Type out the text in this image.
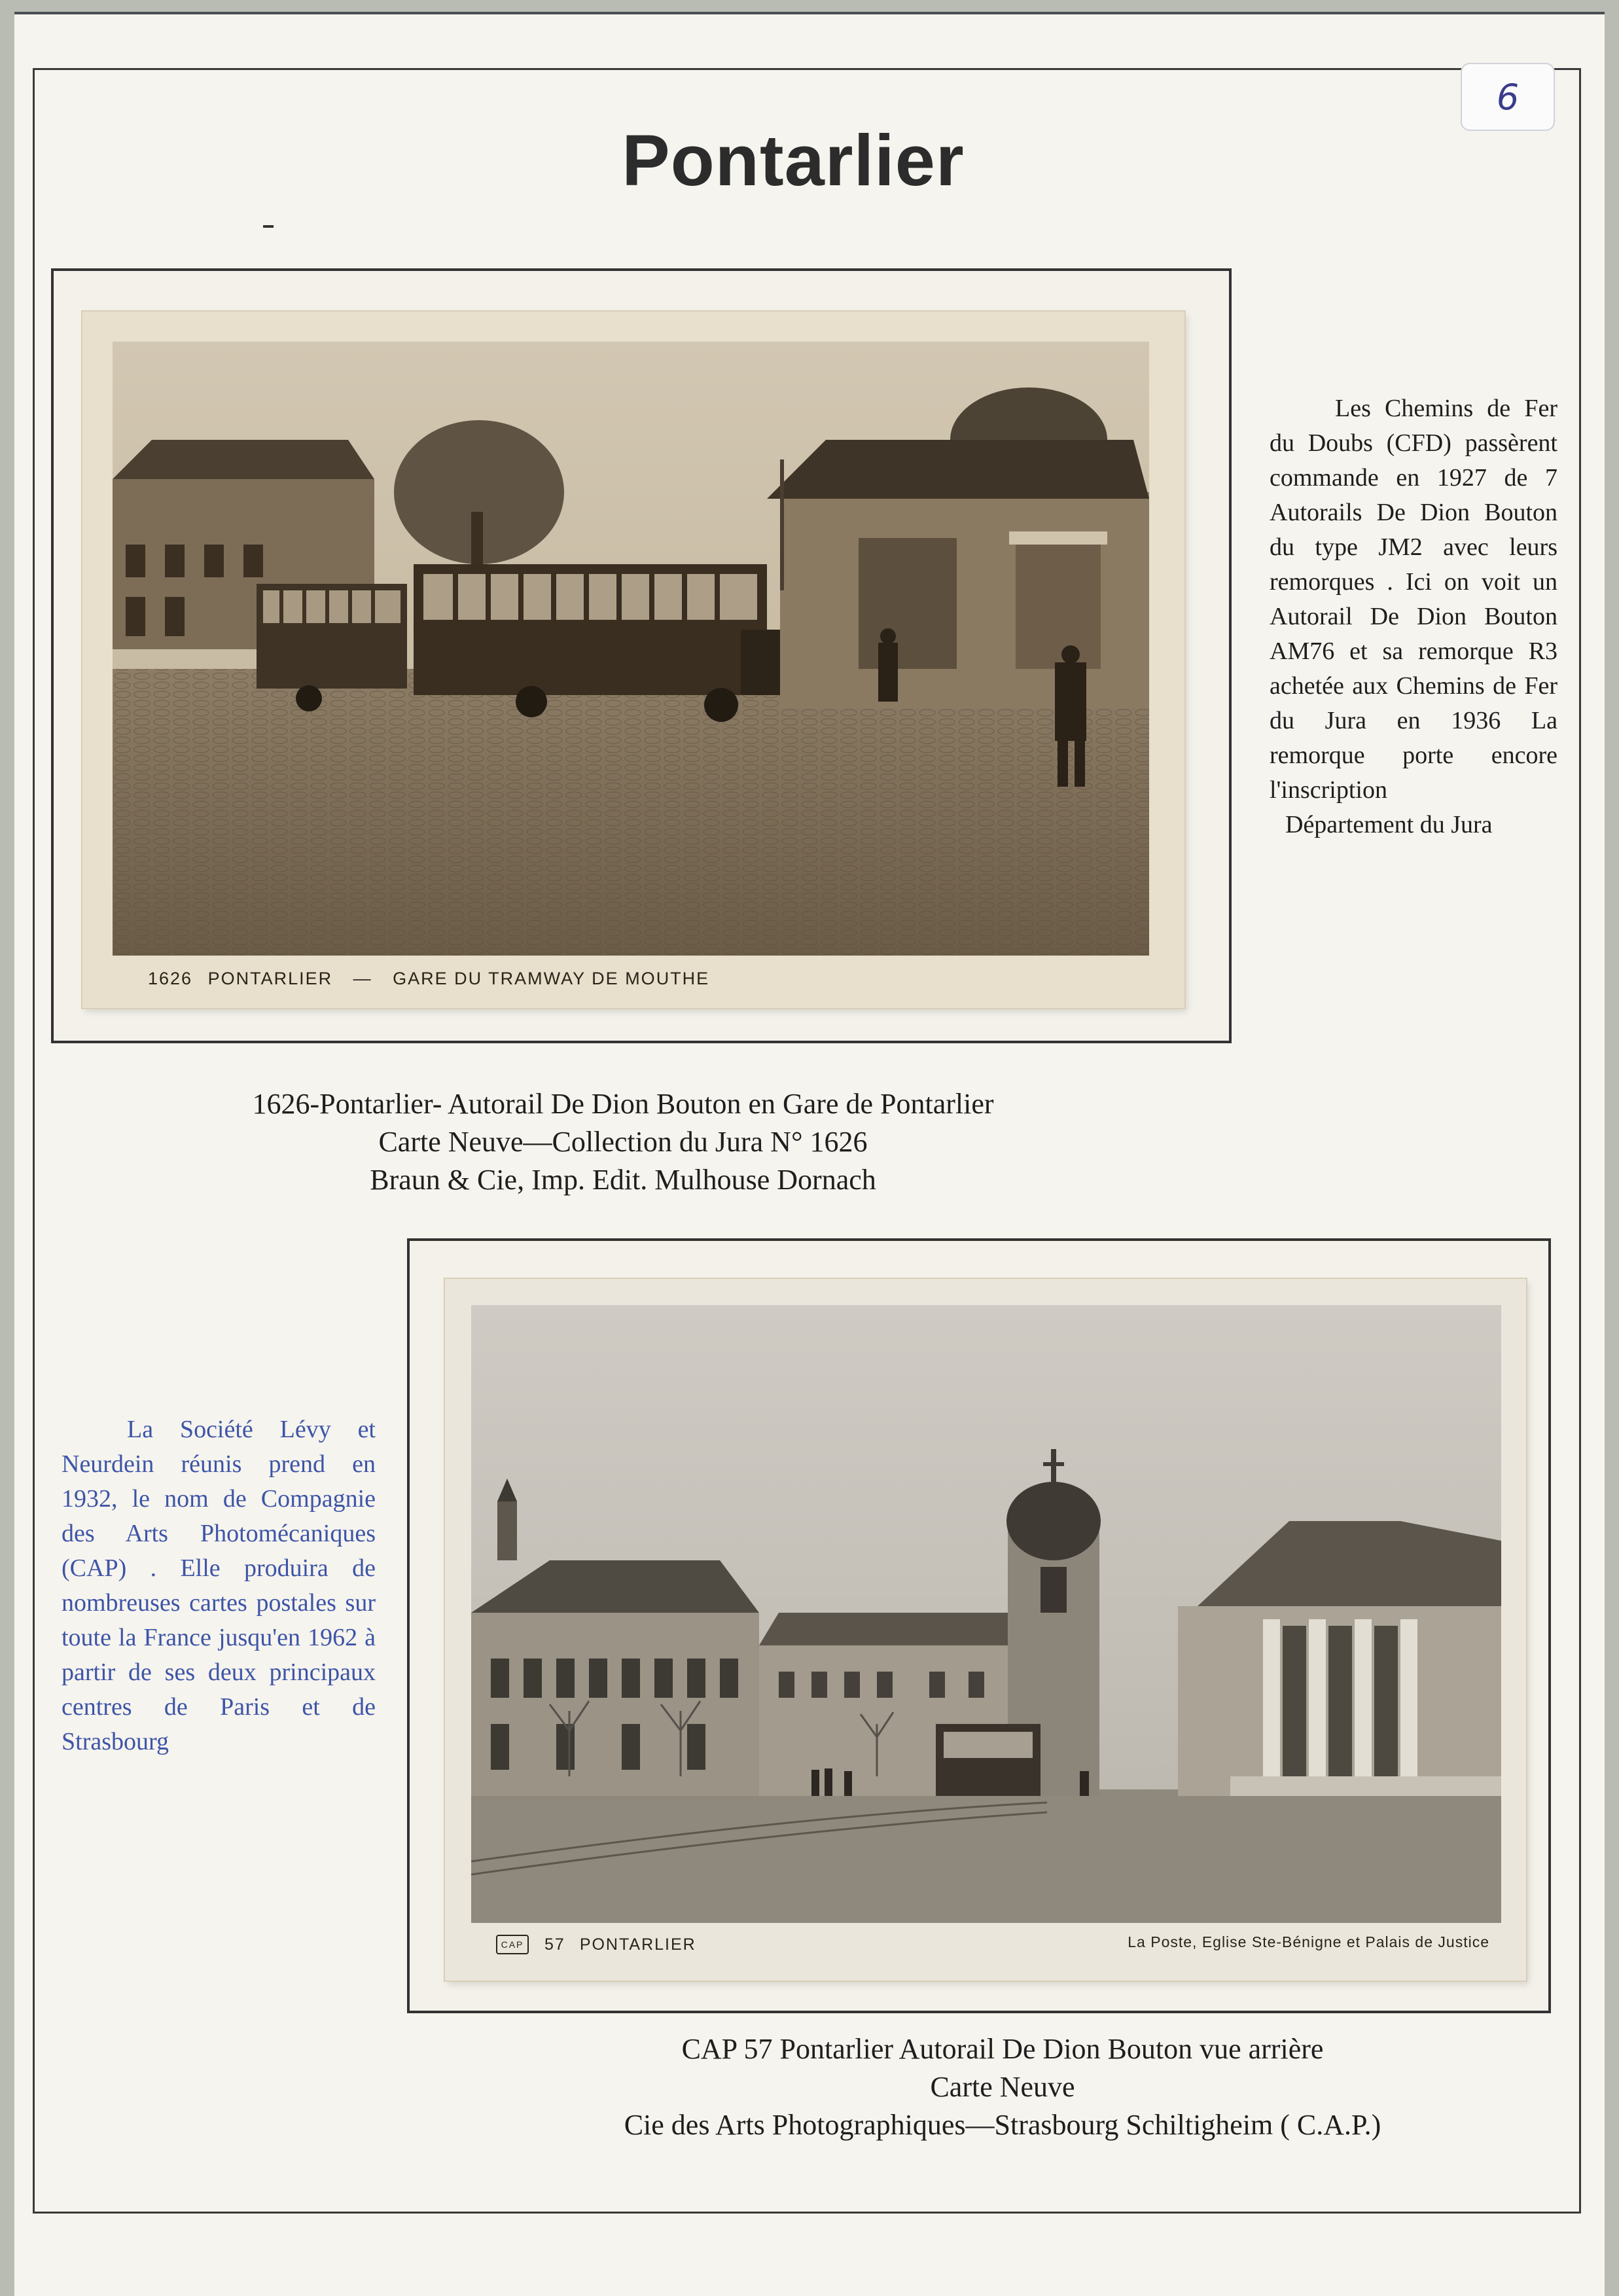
6
Pontarlier
1626 PONTARLIER — GARE DU TRAMWAY DE MOUTHE

Les Chemins de Fer du Doubs (CFD) passèrent commande en 1927 de 7 Autorails De Dion Bouton du type JM2 avec leurs remorques . Ici on voit un Autorail De Dion Bouton AM76 et sa remorque R3 achetée aux Chemins de Fer du Jura en 1936 La remorque porte encore l'inscription
Département du Jura

1626-Pontarlier- Autorail De Dion Bouton en Gare de Pontarlier
Carte Neuve—Collection du Jura N° 1626
Braun & Cie, Imp. Edit. Mulhouse Dornach

La Société Lévy et Neurdein réunis prend en 1932, le nom de Compagnie des Arts Photomécaniques (CAP) . Elle produira de nombreuses cartes postales sur toute la France jusqu'en 1962 à partir de ses deux principaux centres de Paris et de Strasbourg

CAP	57 PONTARLIER	La Poste, Eglise Ste-Bénigne et Palais de Justice
CAP 57 Pontarlier Autorail De Dion Bouton vue arrière
Carte Neuve
Cie des Arts Photographiques—Strasbourg Schiltigheim ( C.A.P.)
